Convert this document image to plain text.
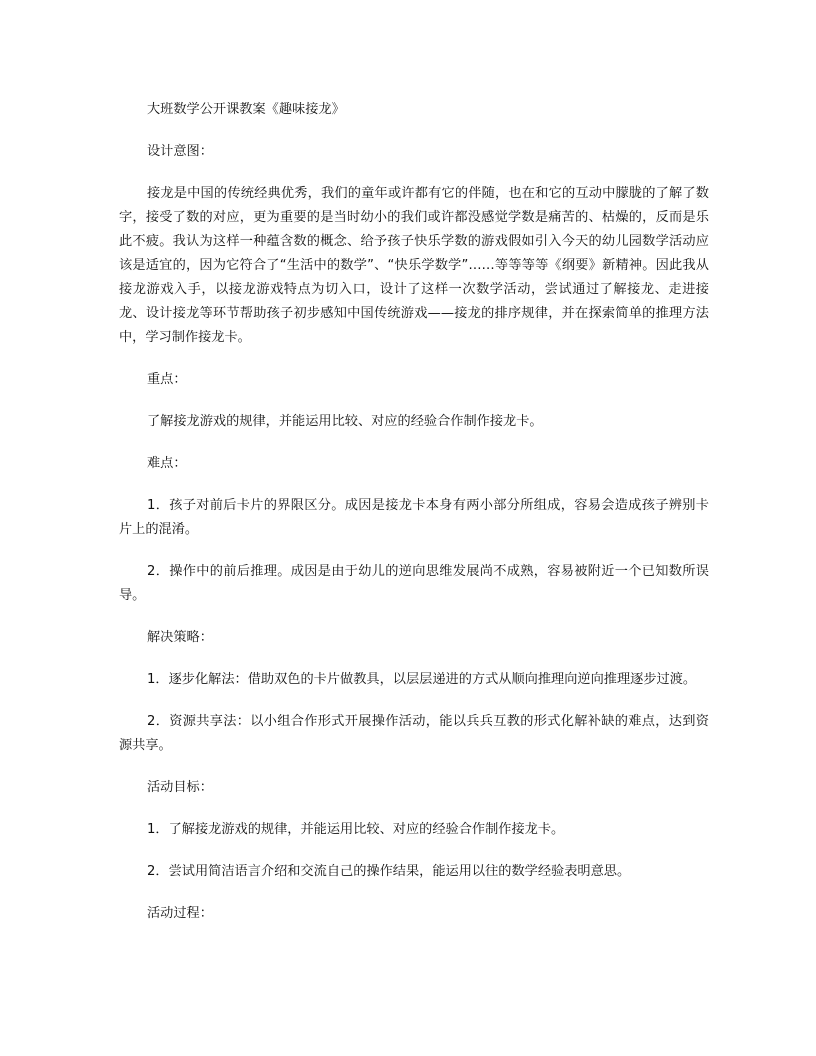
大班数学公开课教案《趣味接龙》

设计意图：

接龙是中国的传统经典优秀，我们的童年或许都有它的伴随，也在和它的互动中朦胧的了解了数字，接受了数的对应，更为重要的是当时幼小的我们或许都没感觉学数是痛苦的、枯燥的，反而是乐此不疲。我认为这样一种蕴含数的概念、给予孩子快乐学数的游戏假如引入今天的幼儿园数学活动应该是适宜的，因为它符合了“生活中的数学”、“快乐学数学”……等等等等《纲要》新精神。因此我从接龙游戏入手，以接龙游戏特点为切入口，设计了这样一次数学活动，尝试通过了解接龙、走进接龙、设计接龙等环节帮助孩子初步感知中国传统游戏——接龙的排序规律，并在探索简单的推理方法中，学习制作接龙卡。

重点：

了解接龙游戏的规律，并能运用比较、对应的经验合作制作接龙卡。

难点：

1．孩子对前后卡片的界限区分。成因是接龙卡本身有两小部分所组成，容易会造成孩子辨别卡片上的混淆。

2．操作中的前后推理。成因是由于幼儿的逆向思维发展尚不成熟，容易被附近一个已知数所误导。

解决策略：

1．逐步化解法：借助双色的卡片做教具，以层层递进的方式从顺向推理向逆向推理逐步过渡。

2．资源共享法：以小组合作形式开展操作活动，能以兵兵互教的形式化解补缺的难点，达到资源共享。

活动目标：

1．了解接龙游戏的规律，并能运用比较、对应的经验合作制作接龙卡。

2．尝试用简洁语言介绍和交流自己的操作结果，能运用以往的数学经验表明意思。

活动过程：
